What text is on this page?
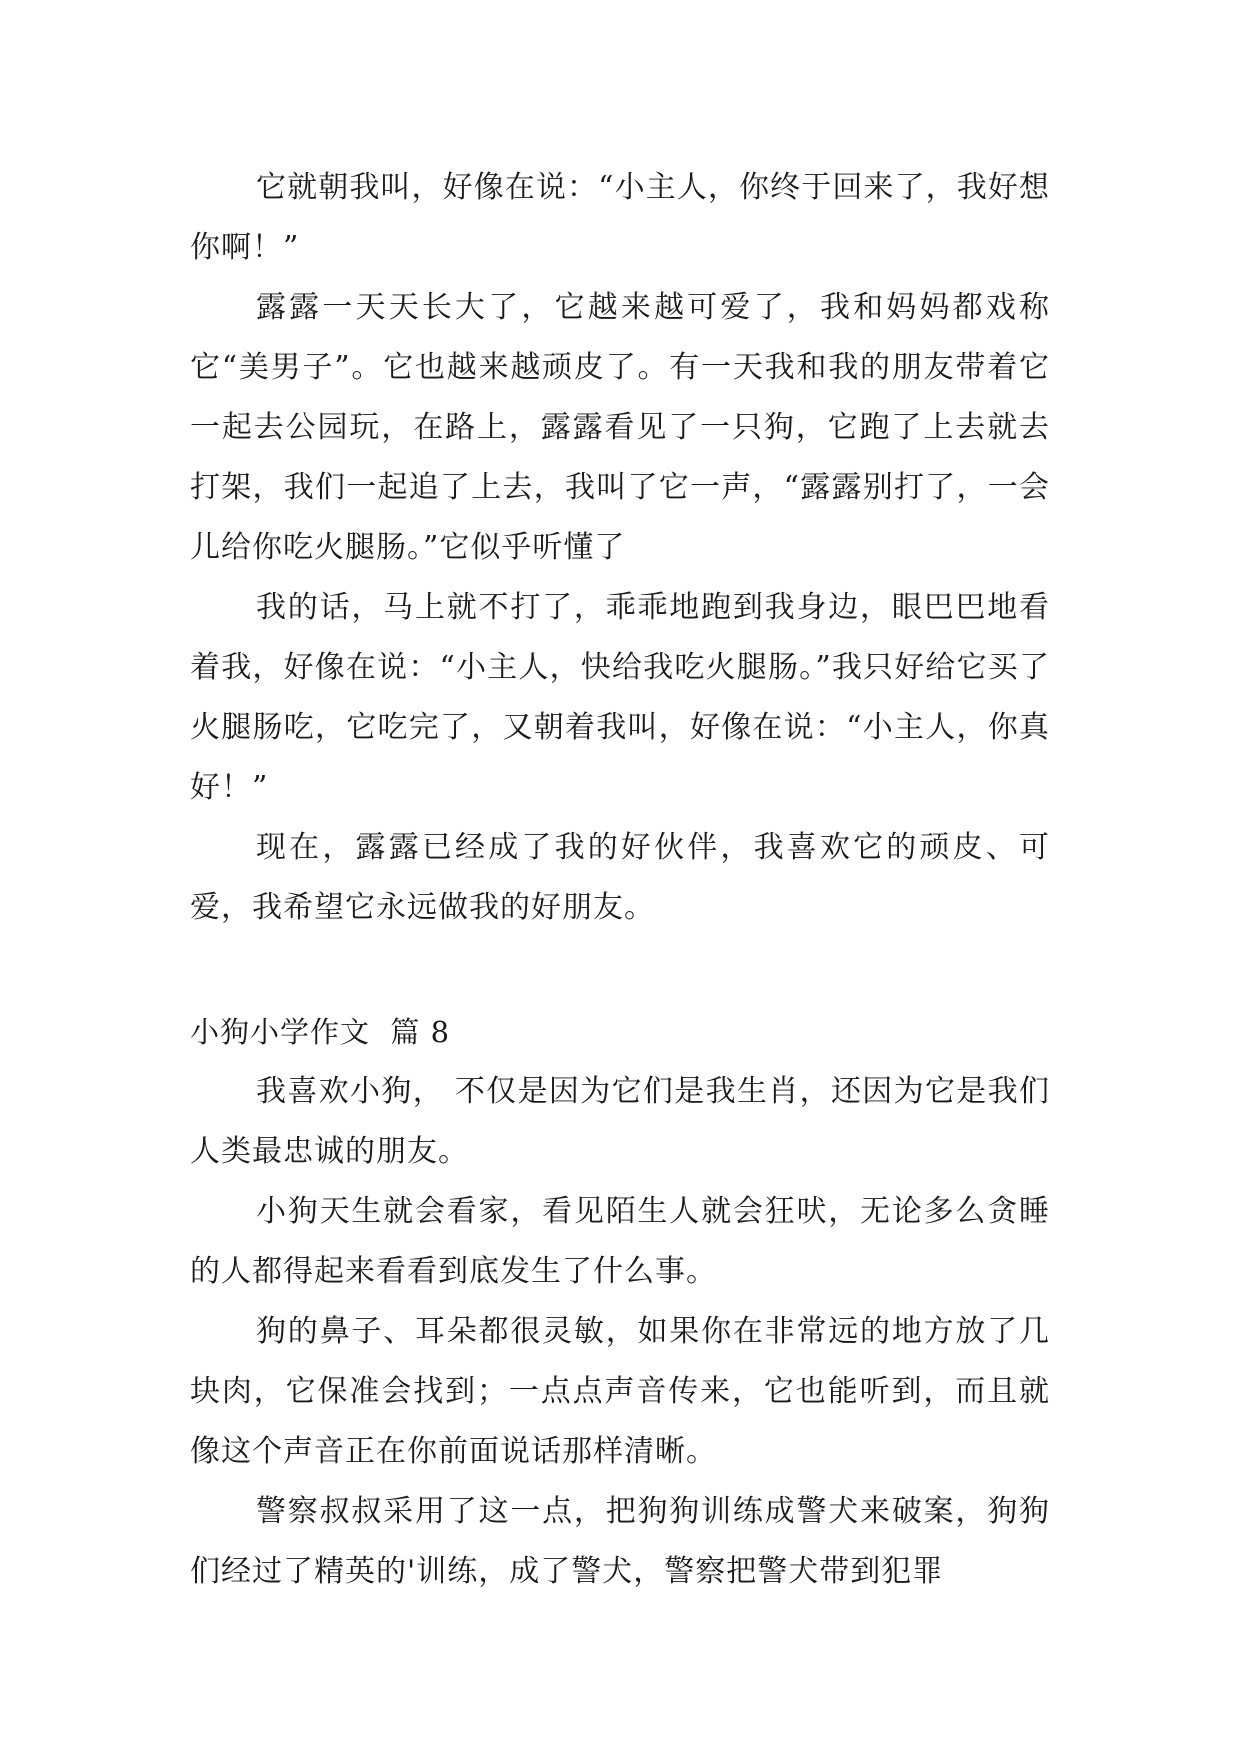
它就朝我叫，好像在说：“小主人，你终于回来了，我好想你啊！”

露露一天天长大了，它越来越可爱了，我和妈妈都戏称它“美男子”。它也越来越顽皮了。有一天我和我的朋友带着它一起去公园玩，在路上，露露看见了一只狗，它跑了上去就去打架，我们一起追了上去，我叫了它一声，“露露别打了，一会儿给你吃火腿肠。”它似乎听懂了

我的话，马上就不打了，乖乖地跑到我身边，眼巴巴地看着我，好像在说：“小主人，快给我吃火腿肠。”我只好给它买了火腿肠吃，它吃完了，又朝着我叫，好像在说：“小主人，你真好！”

现在，露露已经成了我的好伙伴，我喜欢它的顽皮、可爱，我希望它永远做我的好朋友。

小狗小学作文  篇 8

我喜欢小狗， 不仅是因为它们是我生肖，还因为它是我们人类最忠诚的朋友。

小狗天生就会看家，看见陌生人就会狂吠，无论多么贪睡的人都得起来看看到底发生了什么事。

狗的鼻子、耳朵都很灵敏，如果你在非常远的地方放了几块肉，它保准会找到；一点点声音传来，它也能听到，而且就像这个声音正在你前面说话那样清晰。

警察叔叔采用了这一点，把狗狗训练成警犬来破案，狗狗们经过了精英的'训练，成了警犬，警察把警犬带到犯罪
